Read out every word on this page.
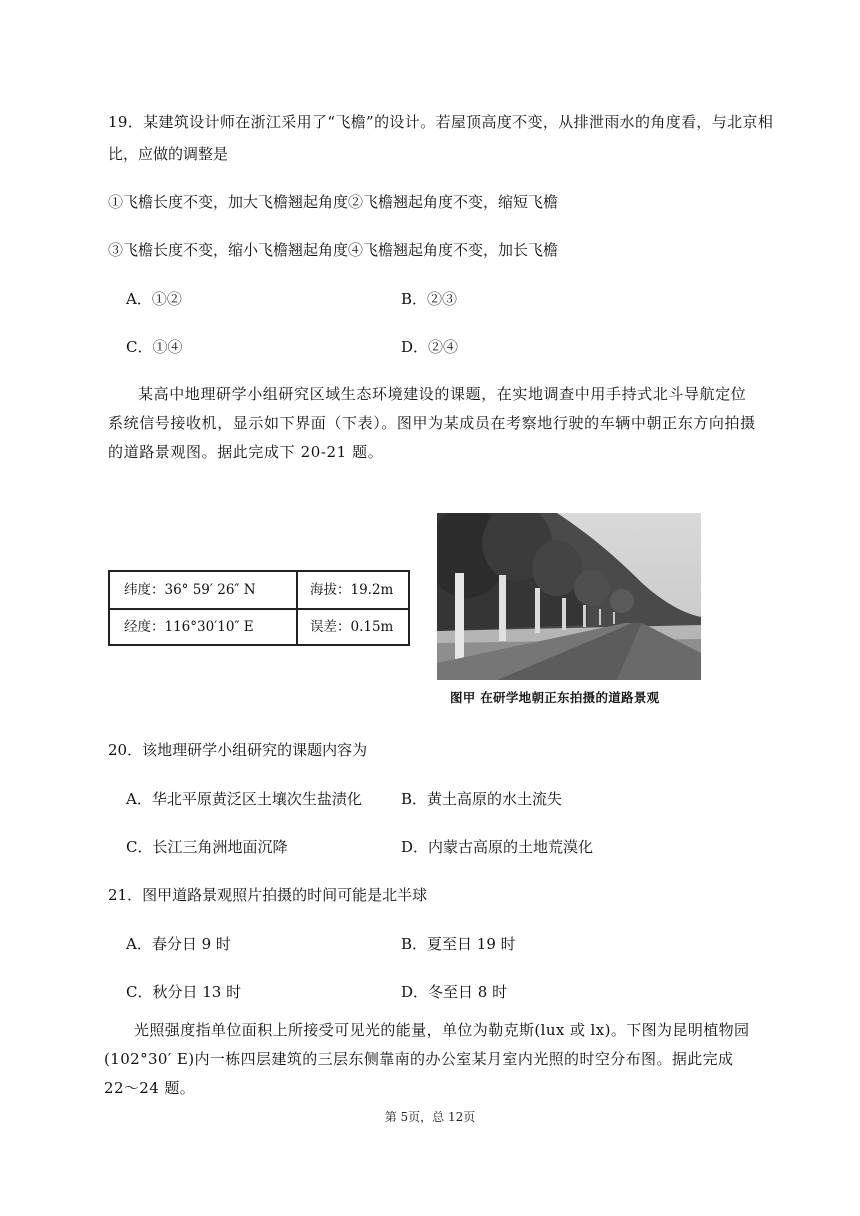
19．某建筑设计师在浙江采用了“飞檐”的设计。若屋顶高度不变，从排泄雨水的角度看，与北京相
比，应做的调整是
①飞檐长度不变，加大飞檐翘起角度②飞檐翘起角度不变，缩短飞檐
③飞檐长度不变，缩小飞檐翘起角度④飞檐翘起角度不变，加长飞檐
A．①②	B．②③
C．①④	D．②④
某高中地理研学小组研究区域生态环境建设的课题，在实地调查中用手持式北斗导航定位系统信号接收机，显示如下界面（下表）。图甲为某成员在考察地行驶的车辆中朝正东方向拍摄的道路景观图。据此完成下 20-21 题。
纬度：36° 59′ 26″ N	海拔：19.2m
经度：116°30′10″ E	误差：0.15m
图甲 在研学地朝正东拍摄的道路景观
20．该地理研学小组研究的课题内容为
A．华北平原黄泛区土壤次生盐渍化	B．黄土高原的水土流失
C．长江三角洲地面沉降	D．内蒙古高原的土地荒漠化
21．图甲道路景观照片拍摄的时间可能是北半球
A．春分日 9 时	B．夏至日 19 时
C．秋分日 13 时	D．冬至日 8 时
光照强度指单位面积上所接受可见光的能量，单位为勒克斯(lux 或 lx)。下图为昆明植物园(102°30′ E)内一栋四层建筑的三层东侧靠南的办公室某月室内光照的时空分布图。据此完成 22～24 题。
第 5页，总 12页
